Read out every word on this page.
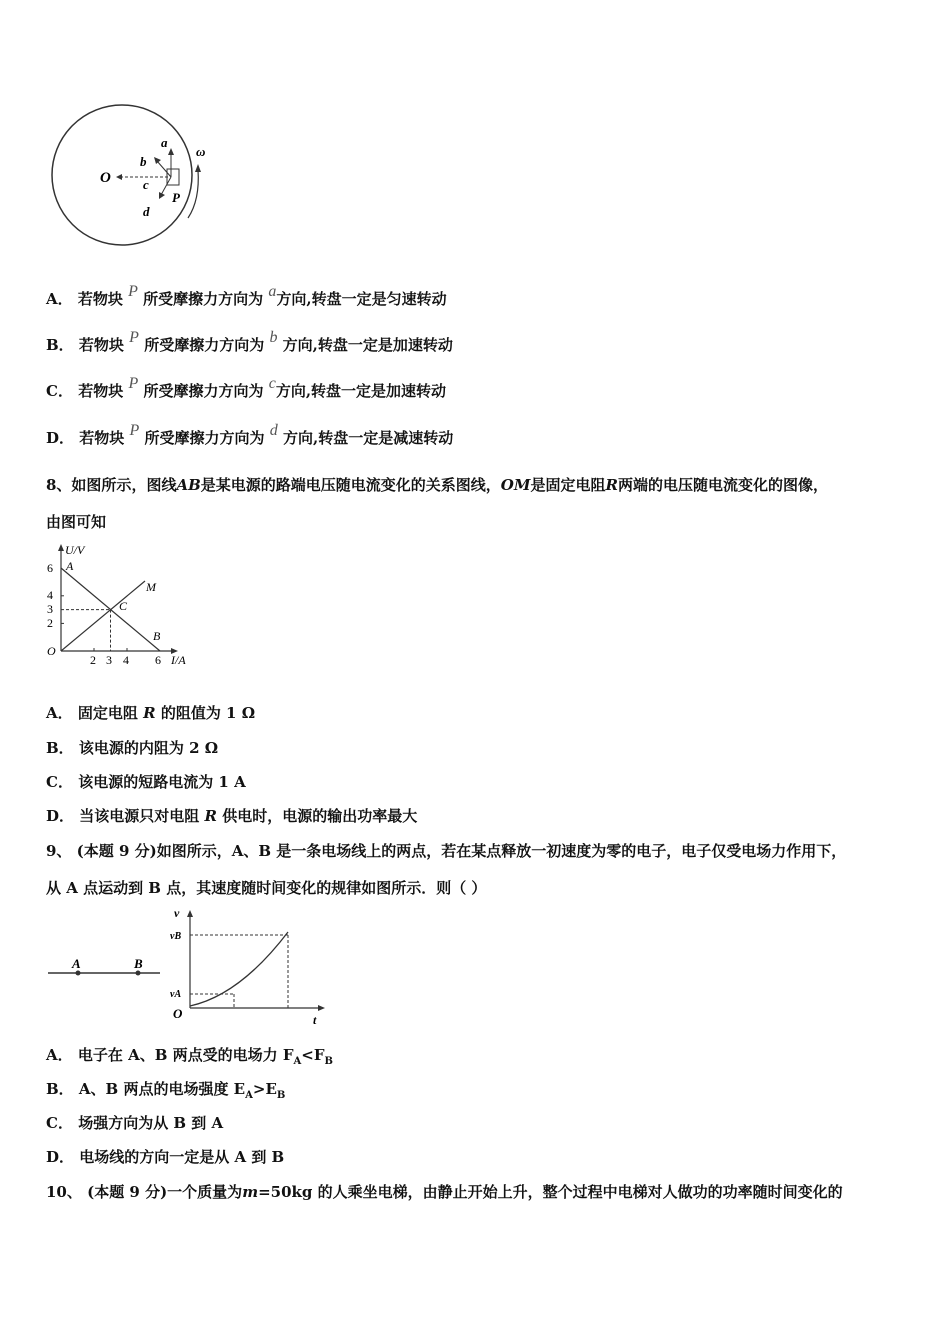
O
a
b
c
d
P
ω
A． 若物块 P 所受摩擦力方向为 a方向,转盘一定是匀速转动
B． 若物块 P 所受摩擦力方向为 b 方向,转盘一定是加速转动
C． 若物块 P 所受摩擦力方向为 c方向,转盘一定是加速转动
D． 若物块 P 所受摩擦力方向为 d 方向,转盘一定是减速转动
8、如图所示，图线AB是某电源的路端电压随电流变化的关系图线，OM是固定电阻R两端的电压随电流变化的图像，
由图可知
U/V
I/A
O
6
4
3
2
2 3 4 6
A
B
C
M
A． 固定电阻 R 的阻值为 1 Ω
B． 该电源的内阻为 2 Ω
C． 该电源的短路电流为 1 A
D． 当该电源只对电阻 R 供电时，电源的输出功率最大
9、 (本题 9 分)如图所示，A、B 是一条电场线上的两点，若在某点释放一初速度为零的电子，电子仅受电场力作用下，
从 A 点运动到 B 点，其速度随时间变化的规律如图所示．则（ ）
A	B
v
t
O
vA
vB
A． 电子在 A、B 两点受的电场力 $F_A<F_B$
B． A、B 两点的电场强度 $E_A>E_B$
C． 场强方向为从 B 到 A
D． 电场线的方向一定是从 A 到 B
10、 (本题 9 分)一个质量为m=50kg 的人乘坐电梯，由静止开始上升，整个过程中电梯对人做功的功率随时间变化的
